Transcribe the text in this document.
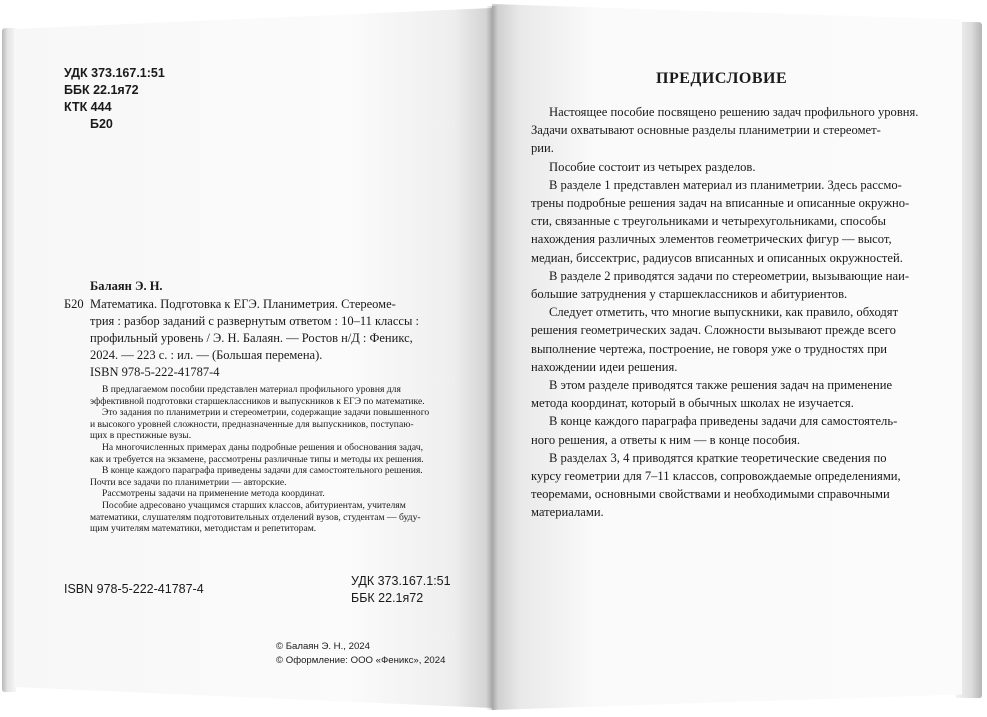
УДК 373.167.1:51
ББК 22.1я72
КТК 444
Б20
Балаян Э. Н.
Б20 Математика. Подготовка к ЕГЭ. Планиметрия. Стереоме-
трия : разбор заданий с развернутым ответом : 10–11 классы :
профильный уровень / Э. Н. Балаян. — Ростов н/Д : Феникс,
2024. — 223 с. : ил. — (Большая перемена).
ISBN 978-5-222-41787-4
В предлагаемом пособии представлен материал профильного уровня для
эффективной подготовки старшеклассников и выпускников к ЕГЭ по математике.
Это задания по планиметрии и стереометрии, содержащие задачи повышенного
и высокого уровней сложности, предназначенные для выпускников, поступаю-
щих в престижные вузы.
На многочисленных примерах даны подробные решения и обоснования задач,
как и требуется на экзамене, рассмотрены различные типы и методы их решения.
В конце каждого параграфа приведены задачи для самостоятельного решения.
Почти все задачи по планиметрии — авторские.
Рассмотрены задачи на применение метода координат.
Пособие адресовано учащимся старших классов, абитуриентам, учителям
математики, слушателям подготовительных отделений вузов, студентам — буду-
щим учителям математики, методистам и репетиторам.
ISBN 978-5-222-41787-4
УДК 373.167.1:51
ББК 22.1я72
© Балаян Э. Н., 2024
© Оформление: ООО «Феникс», 2024
ПРЕДИСЛОВИЕ
Настоящее пособие посвящено решению задач профильного уровня.
Задачи охватывают основные разделы планиметрии и стереомет-
рии.
Пособие состоит из четырех разделов.
В разделе 1 представлен материал из планиметрии. Здесь рассмо-
трены подробные решения задач на вписанные и описанные окружно-
сти, связанные с треугольниками и четырехугольниками, способы
нахождения различных элементов геометрических фигур — высот,
медиан, биссектрис, радиусов вписанных и описанных окружностей.
В разделе 2 приводятся задачи по стереометрии, вызывающие наи-
большие затруднения у старшеклассников и абитуриентов.
Следует отметить, что многие выпускники, как правило, обходят
решения геометрических задач. Сложности вызывают прежде всего
выполнение чертежа, построение, не говоря уже о трудностях при
нахождении идеи решения.
В этом разделе приводятся также решения задач на применение
метода координат, который в обычных школах не изучается.
В конце каждого параграфа приведены задачи для самостоятель-
ного решения, а ответы к ним — в конце пособия.
В разделах 3, 4 приводятся краткие теоретические сведения по
курсу геометрии для 7–11 классов, сопровождаемые определениями,
теоремами, основными свойствами и необходимыми справочными
материалами.
